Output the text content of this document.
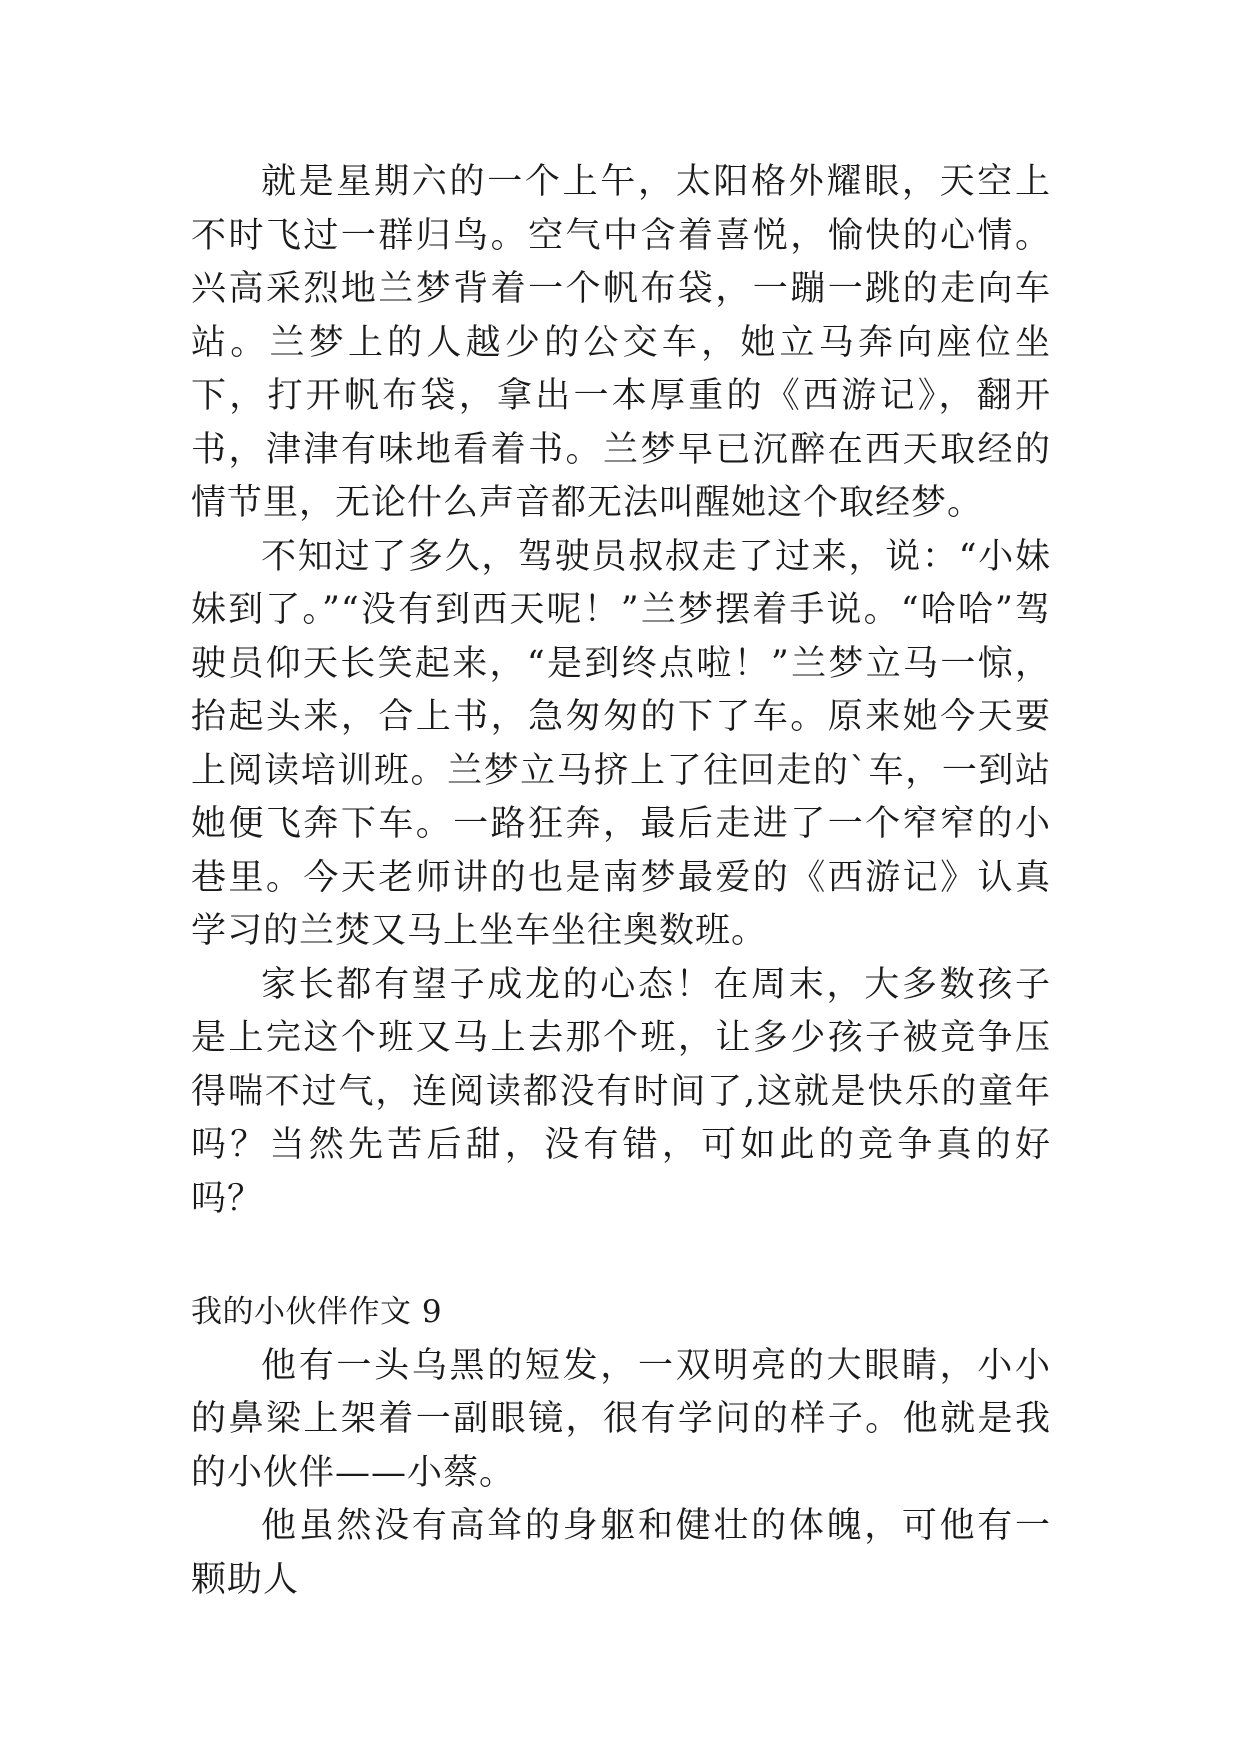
就是星期六的一个上午，太阳格外耀眼，天空上不时飞过一群归鸟。空气中含着喜悦，愉快的心情。兴高采烈地兰梦背着一个帆布袋，一蹦一跳的走向车站。兰梦上的人越少的公交车，她立马奔向座位坐下，打开帆布袋，拿出一本厚重的《西游记》，翻开书，津津有味地看着书。兰梦早已沉醉在西天取经的情节里，无论什么声音都无法叫醒她这个取经梦。

不知过了多久，驾驶员叔叔走了过来，说：“小妹妹到了。”“没有到西天呢！”兰梦摆着手说。“哈哈”驾驶员仰天长笑起来，“是到终点啦！”兰梦立马一惊，抬起头来，合上书，急匆匆的下了车。原来她今天要上阅读培训班。兰梦立马挤上了往回走的`车，一到站她便飞奔下车。一路狂奔，最后走进了一个窄窄的小巷里。今天老师讲的也是南梦最爱的《西游记》认真学习的兰焚又马上坐车坐往奥数班。

家长都有望子成龙的心态！在周末，大多数孩子是上完这个班又马上去那个班，让多少孩子被竞争压得喘不过气，连阅读都没有时间了,这就是快乐的童年吗？当然先苦后甜，没有错，可如此的竞争真的好吗？

我的小伙伴作文 9

他有一头乌黑的短发，一双明亮的大眼睛，小小的鼻梁上架着一副眼镜，很有学问的样子。他就是我的小伙伴——小蔡。

他虽然没有高耸的身躯和健壮的体魄，可他有一颗助人
